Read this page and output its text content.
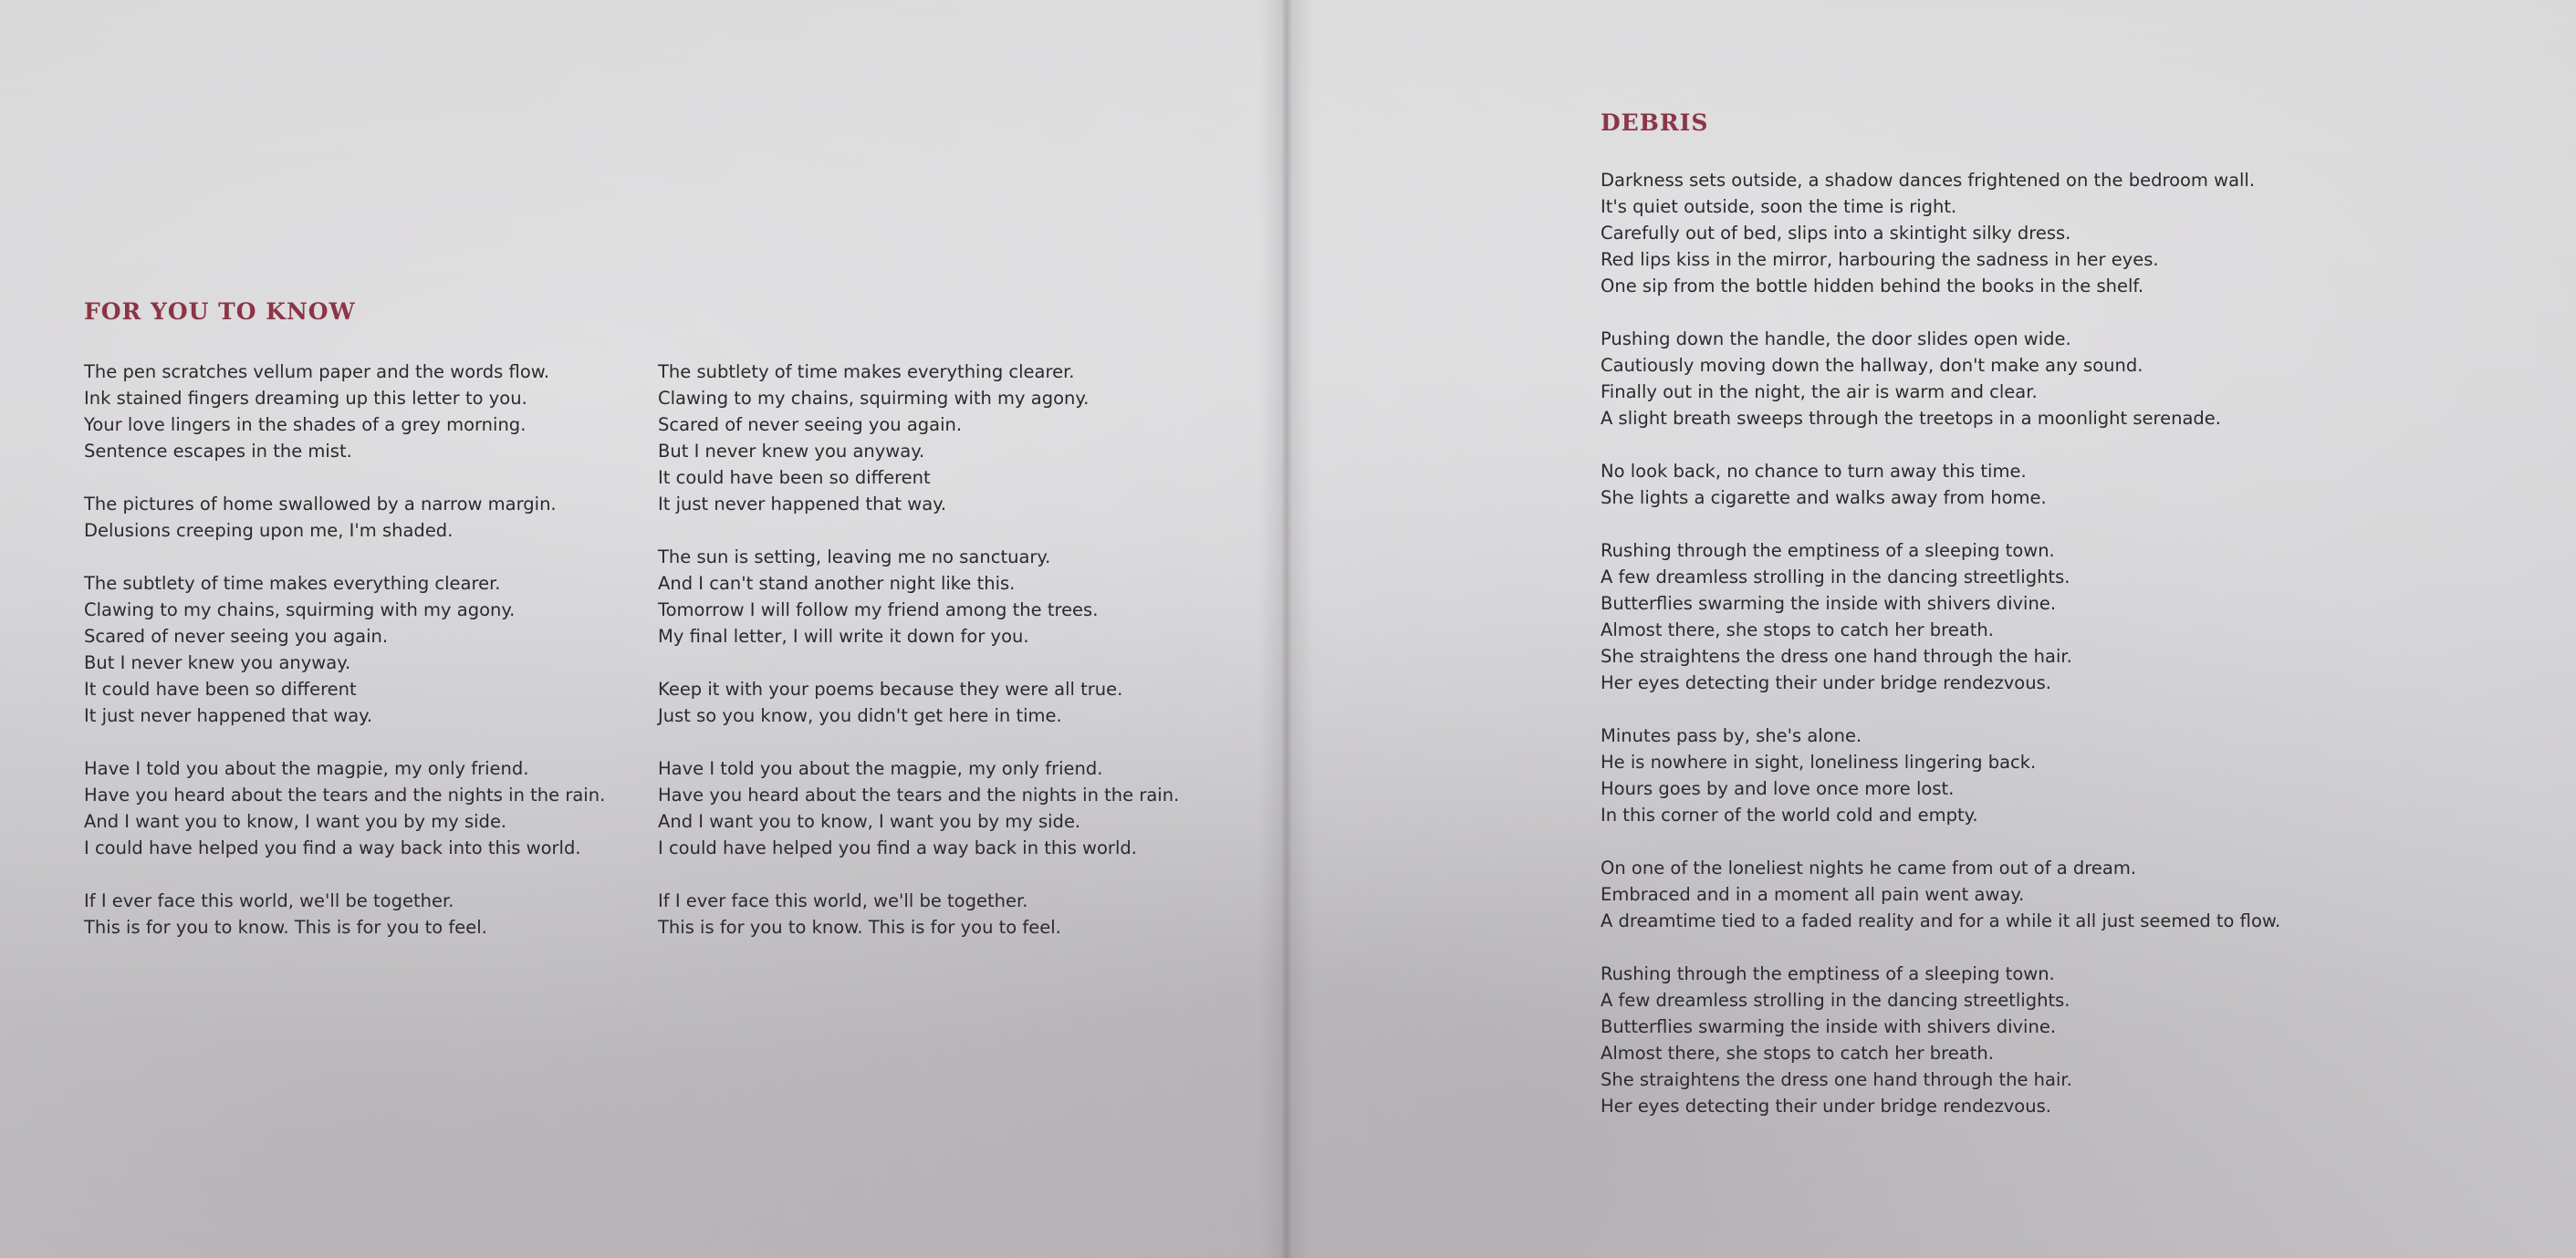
FOR YOU TO KNOW

The pen scratches vellum paper and the words flow.
Ink stained fingers dreaming up this letter to you.
Your love lingers in the shades of a grey morning.
Sentence escapes in the mist.

The pictures of home swallowed by a narrow margin.
Delusions creeping upon me, I'm shaded.

The subtlety of time makes everything clearer.
Clawing to my chains, squirming with my agony.
Scared of never seeing you again.
But I never knew you anyway.
It could have been so different
It just never happened that way.

Have I told you about the magpie, my only friend.
Have you heard about the tears and the nights in the rain.
And I want you to know, I want you by my side.
I could have helped you find a way back into this world.

If I ever face this world, we'll be together.
This is for you to know. This is for you to feel.

The subtlety of time makes everything clearer.
Clawing to my chains, squirming with my agony.
Scared of never seeing you again.
But I never knew you anyway.
It could have been so different
It just never happened that way.

The sun is setting, leaving me no sanctuary.
And I can't stand another night like this.
Tomorrow I will follow my friend among the trees.
My final letter, I will write it down for you.

Keep it with your poems because they were all true.
Just so you know, you didn't get here in time.

Have I told you about the magpie, my only friend.
Have you heard about the tears and the nights in the rain.
And I want you to know, I want you by my side.
I could have helped you find a way back in this world.

If I ever face this world, we'll be together.
This is for you to know. This is for you to feel.

DEBRIS

Darkness sets outside, a shadow dances frightened on the bedroom wall.
It's quiet outside, soon the time is right.
Carefully out of bed, slips into a skintight silky dress.
Red lips kiss in the mirror, harbouring the sadness in her eyes.
One sip from the bottle hidden behind the books in the shelf.

Pushing down the handle, the door slides open wide.
Cautiously moving down the hallway, don't make any sound.
Finally out in the night, the air is warm and clear.
A slight breath sweeps through the treetops in a moonlight serenade.

No look back, no chance to turn away this time.
She lights a cigarette and walks away from home.

Rushing through the emptiness of a sleeping town.
A few dreamless strolling in the dancing streetlights.
Butterflies swarming the inside with shivers divine.
Almost there, she stops to catch her breath.
She straightens the dress one hand through the hair.
Her eyes detecting their under bridge rendezvous.

Minutes pass by, she's alone.
He is nowhere in sight, loneliness lingering back.
Hours goes by and love once more lost.
In this corner of the world cold and empty.

On one of the loneliest nights he came from out of a dream.
Embraced and in a moment all pain went away.
A dreamtime tied to a faded reality and for a while it all just seemed to flow.

Rushing through the emptiness of a sleeping town.
A few dreamless strolling in the dancing streetlights.
Butterflies swarming the inside with shivers divine.
Almost there, she stops to catch her breath.
She straightens the dress one hand through the hair.
Her eyes detecting their under bridge rendezvous.
